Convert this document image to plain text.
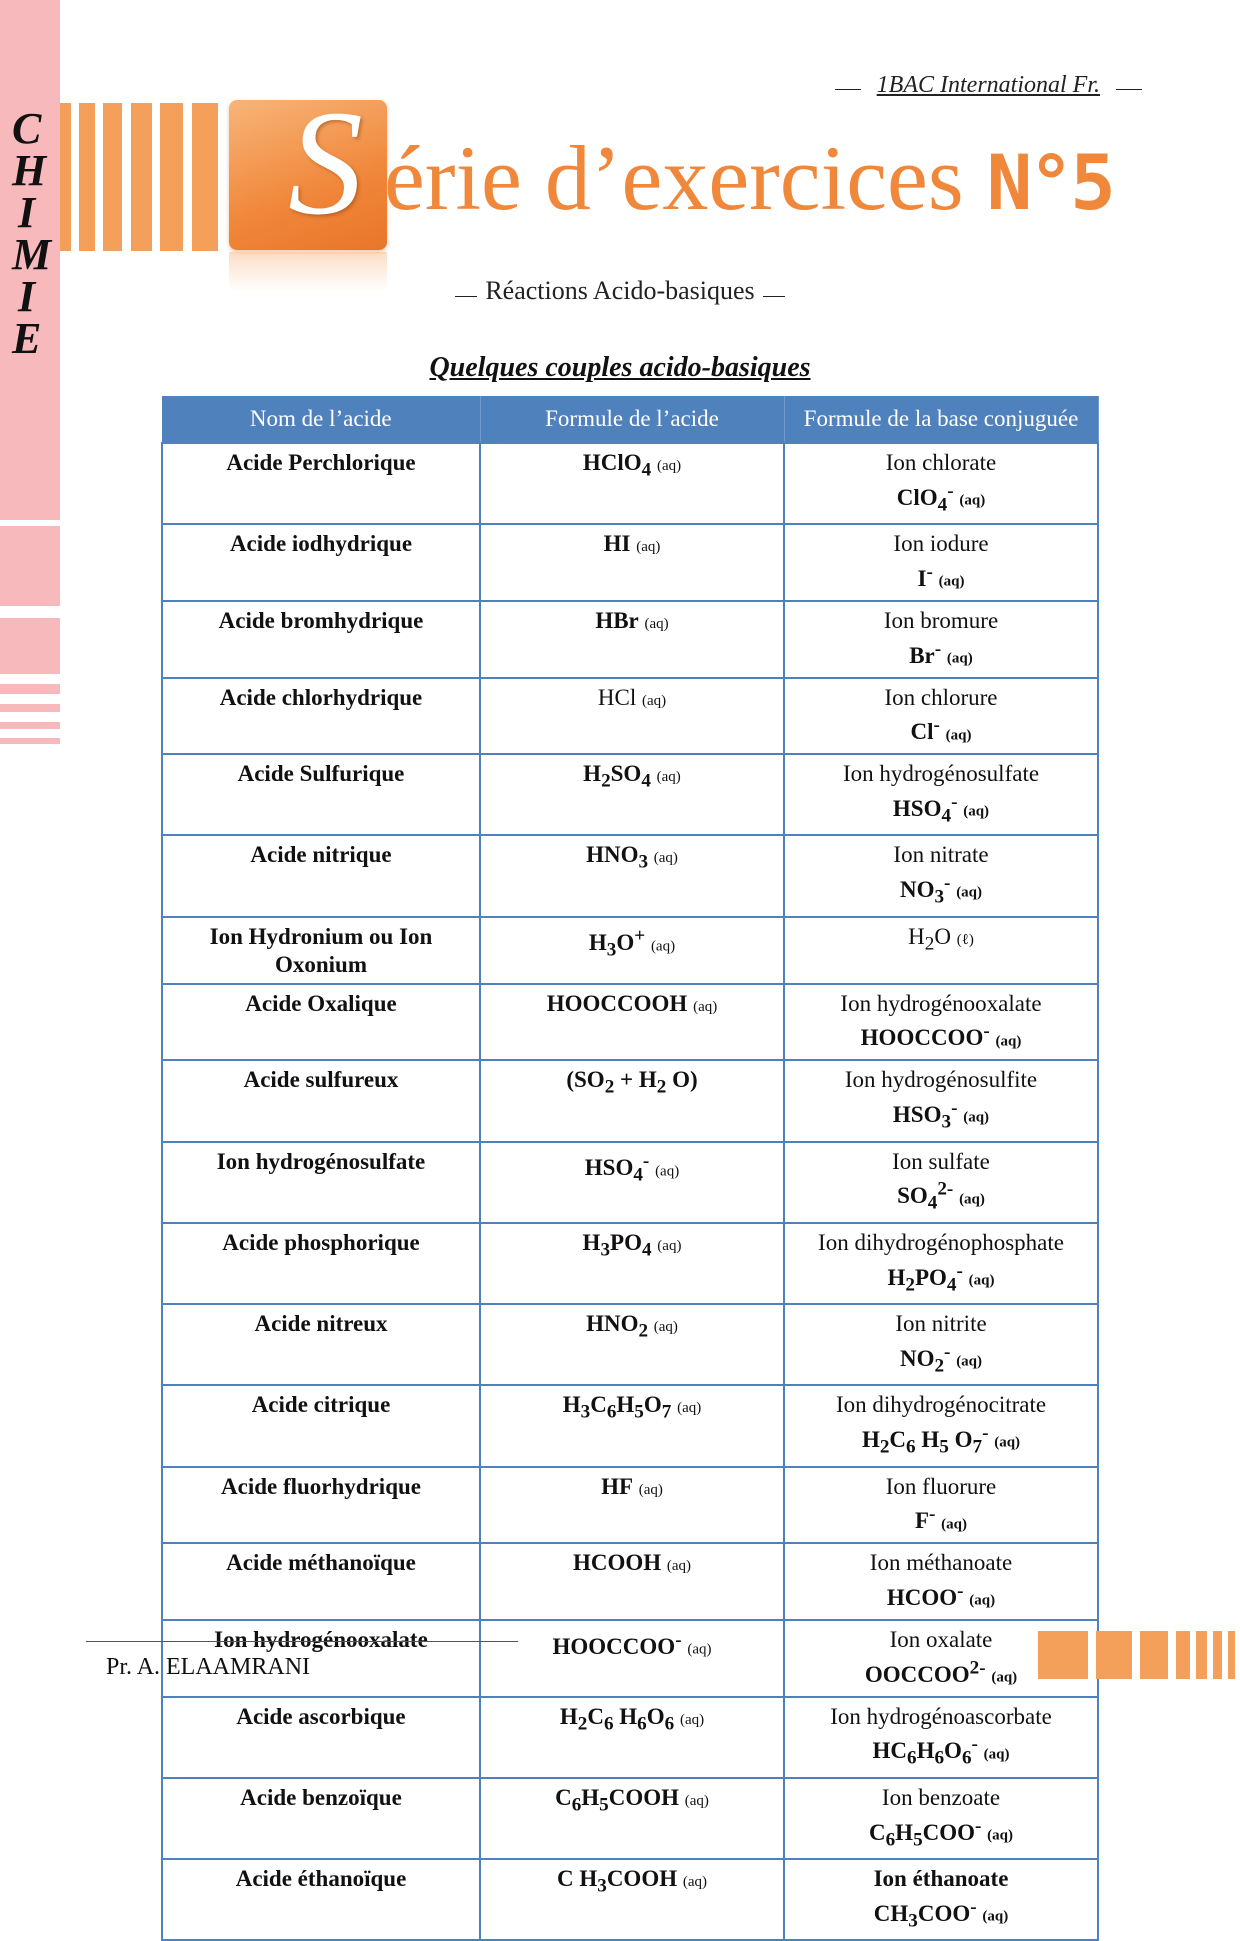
C
H
I
M
I
E
1BAC International Fr.
S érie d’exercices N°5
Réactions Acido-basiques
Quelques couples acido-basiques
Nom de l’acide	Formule de l’acide	Formule de la base conjuguée
Acide Perchlorique	HClO$_4$ (aq)	Ion chlorate
ClO$_4$- (aq)
Acide iodhydrique	HI (aq)	Ion iodure
I- (aq)
Acide bromhydrique	HBr (aq)	Ion bromure
Br- (aq)
Acide chlorhydrique	HCl (aq)	Ion chlorure
Cl- (aq)
Acide Sulfurique	$H_2SO_4$ (aq)	Ion hydrogénosulfate
$HSO_4^-$ (aq)
Acide nitrique	$HNO_3$ (aq)	Ion nitrate
$NO_3^-$ (aq)
Ion Hydronium ou Ion
Oxonium	$H_3O^+$ (aq)	$H_2O$ (ℓ)
Acide Oxalique	HOOCCOOH (aq)	Ion hydrogénooxalate
HOOCCOO- (aq)
Acide sulfureux	($SO_2 + H_2$ O)	Ion hydrogénosulfite
$HSO_3^-$ (aq)
Ion hydrogénosulfate	$HSO_4^-$ (aq)	Ion sulfate
$SO_4^{2-}$ (aq)
Acide phosphorique	$H_3PO_4$ (aq)	Ion dihydrogénophosphate
$H_2PO_4^-$ (aq)
Acide nitreux	$HNO_2$ (aq)	Ion nitrite
$NO_2^-$ (aq)
Acide citrique	$H_3C_6H_5O_7$ (aq)	Ion dihydrogénocitrate
$H_2C_6$ $H_5$ $O_7^-$ (aq)
Acide fluorhydrique	HF (aq)	Ion fluorure
F- (aq)
Acide méthanoïque	HCOOH (aq)	Ion méthanoate
HCOO- (aq)
Ion hydrogénooxalate	HOOCCOO- (aq)	Ion oxalate
$OOCCOO^{2-}$ (aq)
Acide ascorbique	$H_2C_6$ $H_6O_6$ (aq)	Ion hydrogénoascorbate
$HC_6H_6O_6^-$ (aq)
Acide benzoïque	$C_6H_5COOH$ (aq)	Ion benzoate
$C_6H_5COO^-$ (aq)
Acide éthanoïque	C $H_3COOH$ (aq)	Ion éthanoate
$CH_3COO^-$ (aq)
Pr. A. ELAAMRANI
